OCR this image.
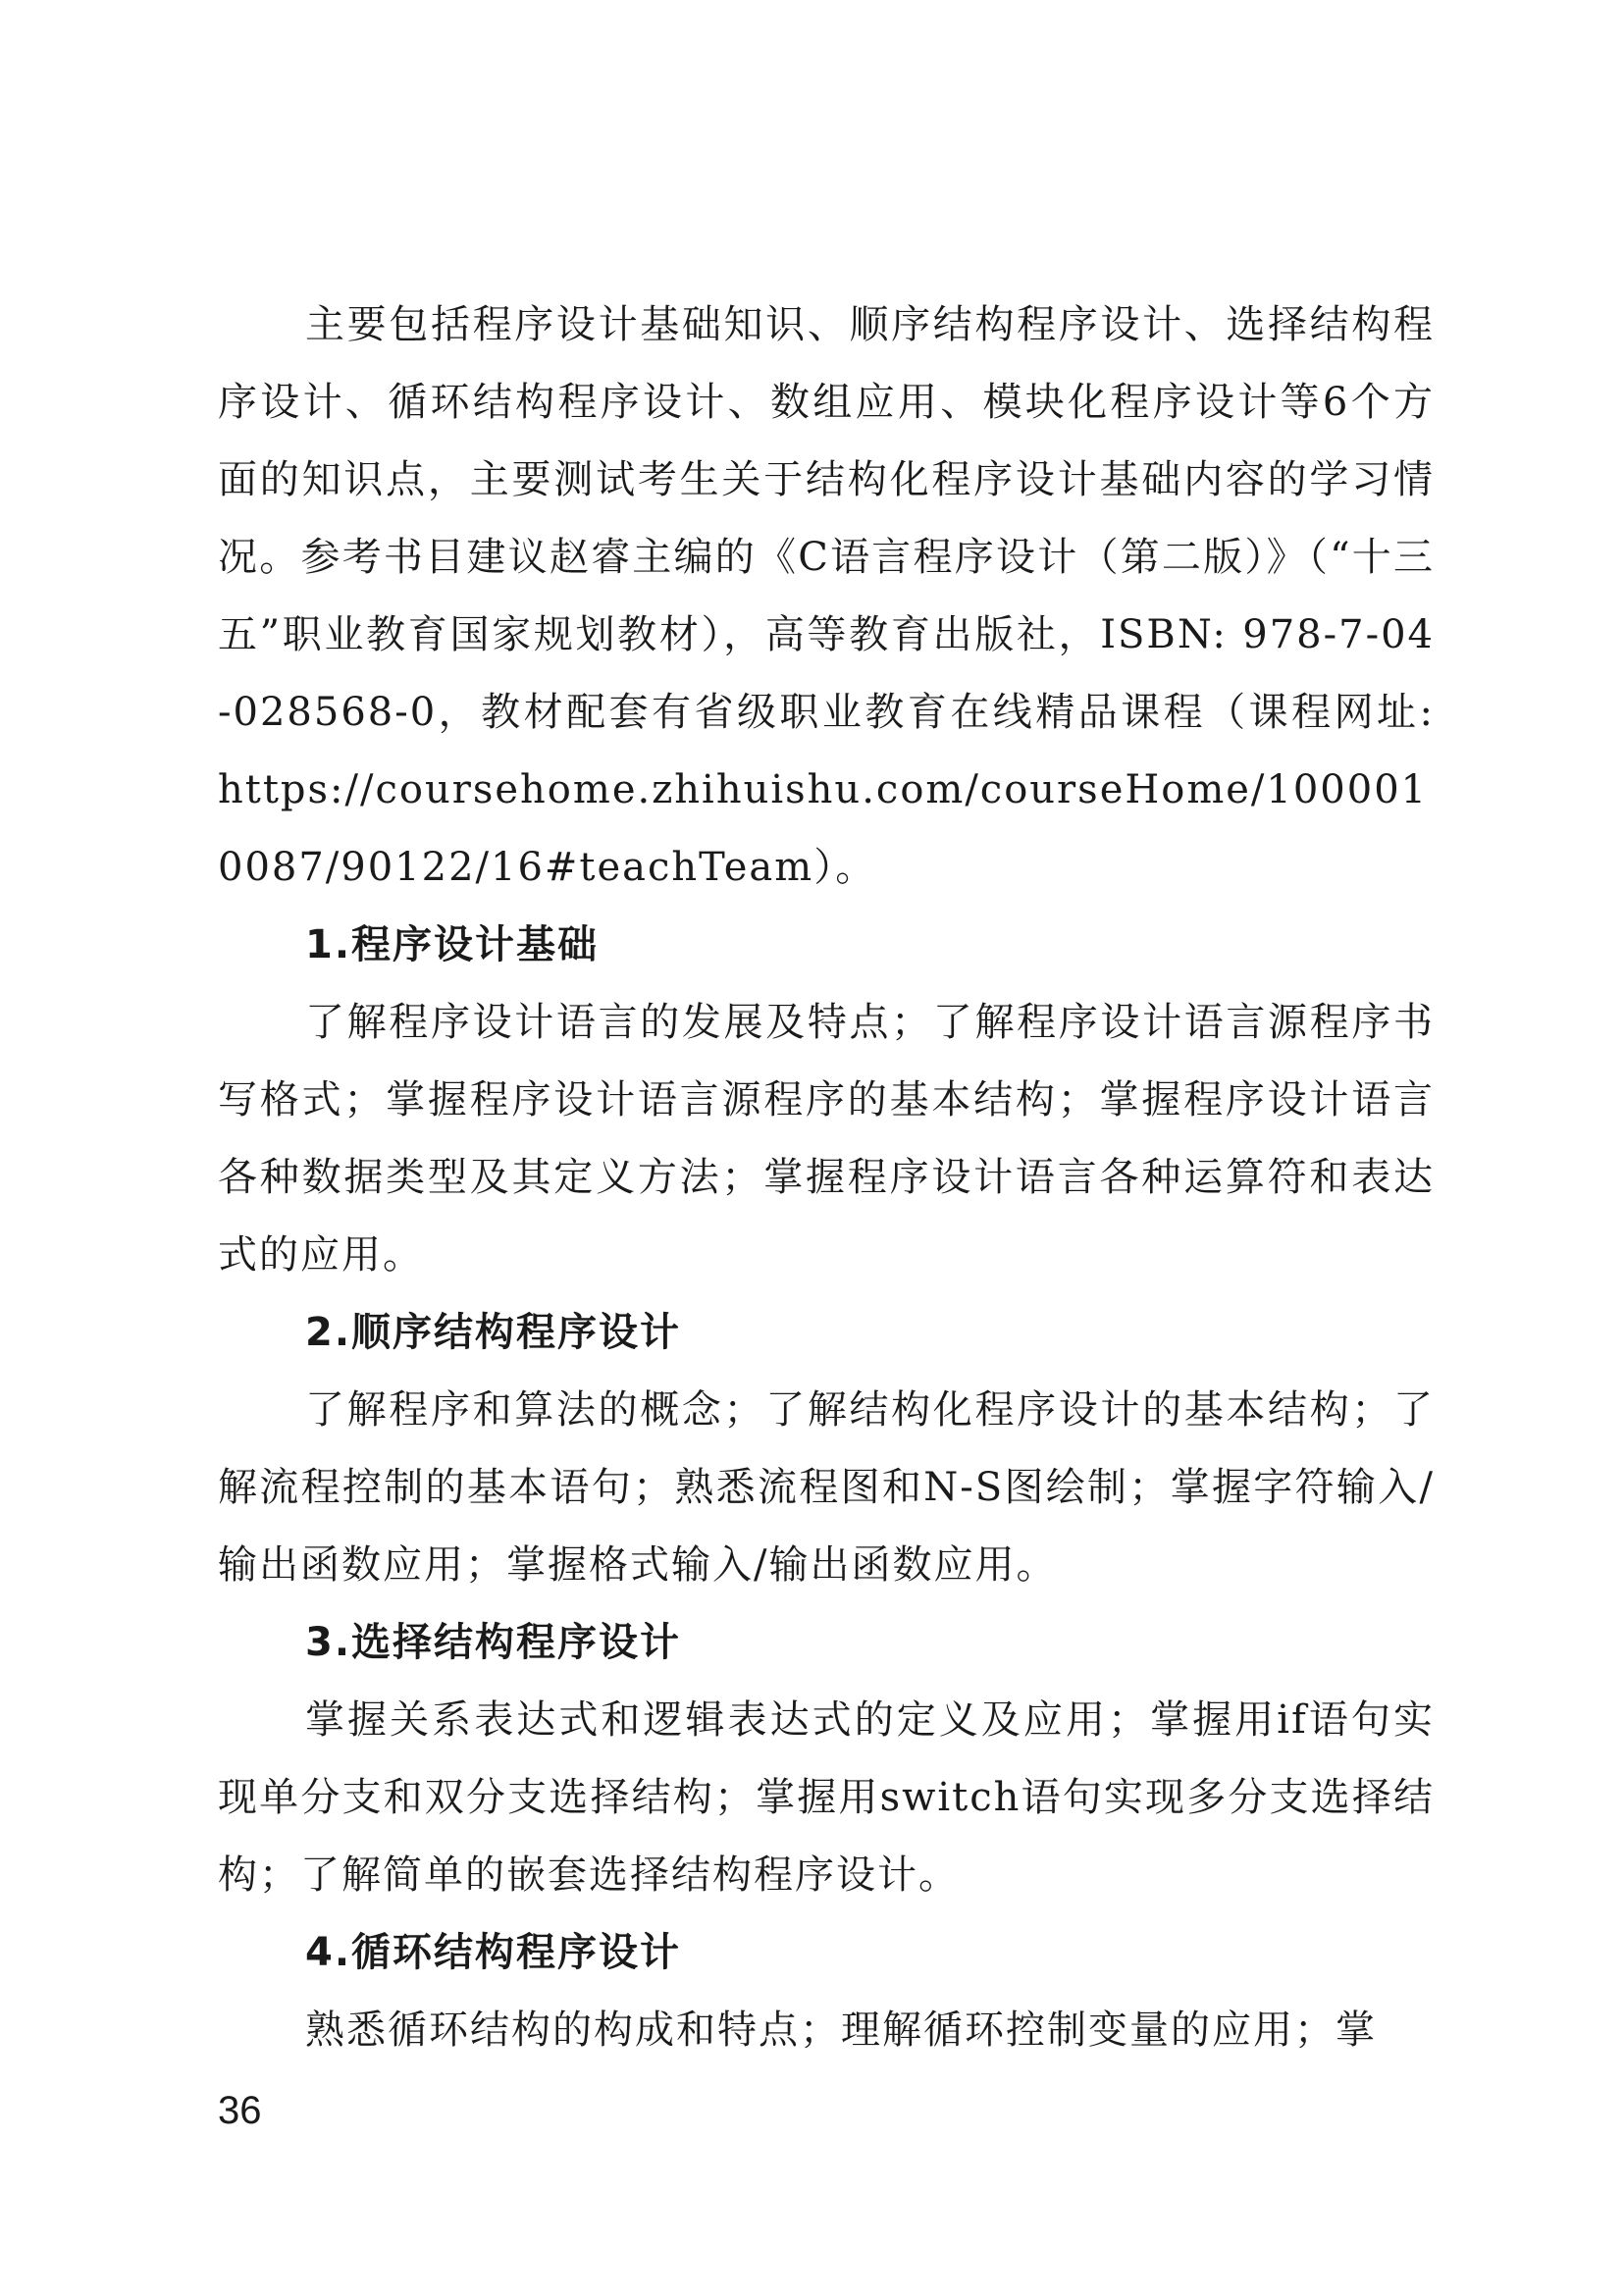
主要包括程序设计基础知识、顺序结构程序设计、选择结构程序设计、循环结构程序设计、数组应用、模块化程序设计等6个方面的知识点，主要测试考生关于结构化程序设计基础内容的学习情况。参考书目建议赵睿主编的《C语言程序设计（第二版）》（“十三五”职业教育国家规划教材），高等教育出版社，ISBN: 978-7-04-028568-0，教材配套有省级职业教育在线精品课程（课程网址: https://coursehome.zhihuishu.com/courseHome/1000010087/90122/16#teachTeam）。

1.程序设计基础

了解程序设计语言的发展及特点；了解程序设计语言源程序书写格式；掌握程序设计语言源程序的基本结构；掌握程序设计语言各种数据类型及其定义方法；掌握程序设计语言各种运算符和表达式的应用。

2.顺序结构程序设计

了解程序和算法的概念；了解结构化程序设计的基本结构；了解流程控制的基本语句；熟悉流程图和N-S图绘制；掌握字符输入/输出函数应用；掌握格式输入/输出函数应用。

3.选择结构程序设计

掌握关系表达式和逻辑表达式的定义及应用；掌握用if语句实现单分支和双分支选择结构；掌握用switch语句实现多分支选择结构；了解简单的嵌套选择结构程序设计。

4.循环结构程序设计

熟悉循环结构的构成和特点；理解循环控制变量的应用；掌

36
